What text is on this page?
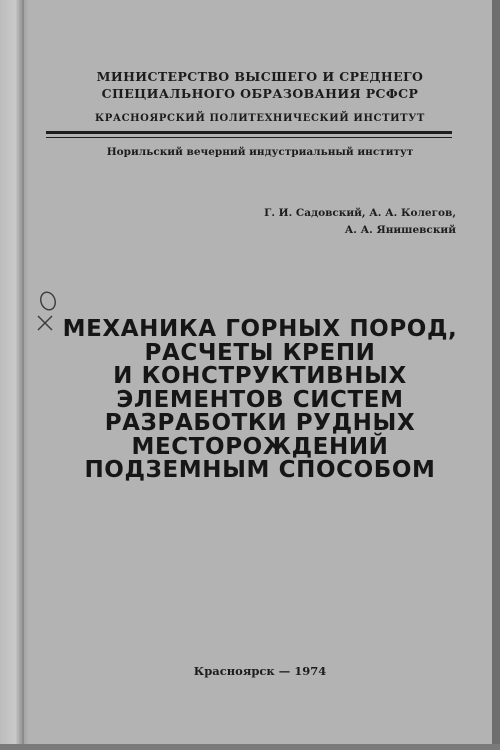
МИНИСТЕРСТВО ВЫСШЕГО И СРЕДНЕГО

СПЕЦИАЛЬНОГО ОБРАЗОВАНИЯ РСФСР

КРАСНОЯРСКИЙ ПОЛИТЕХНИЧЕСКИЙ ИНСТИТУТ

Норильский вечерний индустриальный институт
Г. И. Садовский, А. А. Колегов,
А. А. Янишевский
МЕХАНИКА ГОРНЫХ ПОРОД,
РАСЧЕТЫ КРЕПИ
И КОНСТРУКТИВНЫХ
ЭЛЕМЕНТОВ СИСТЕМ
РАЗРАБОТКИ РУДНЫХ
МЕСТОРОЖДЕНИЙ
ПОДЗЕМНЫМ СПОСОБОМ
Красноярск — 1974
